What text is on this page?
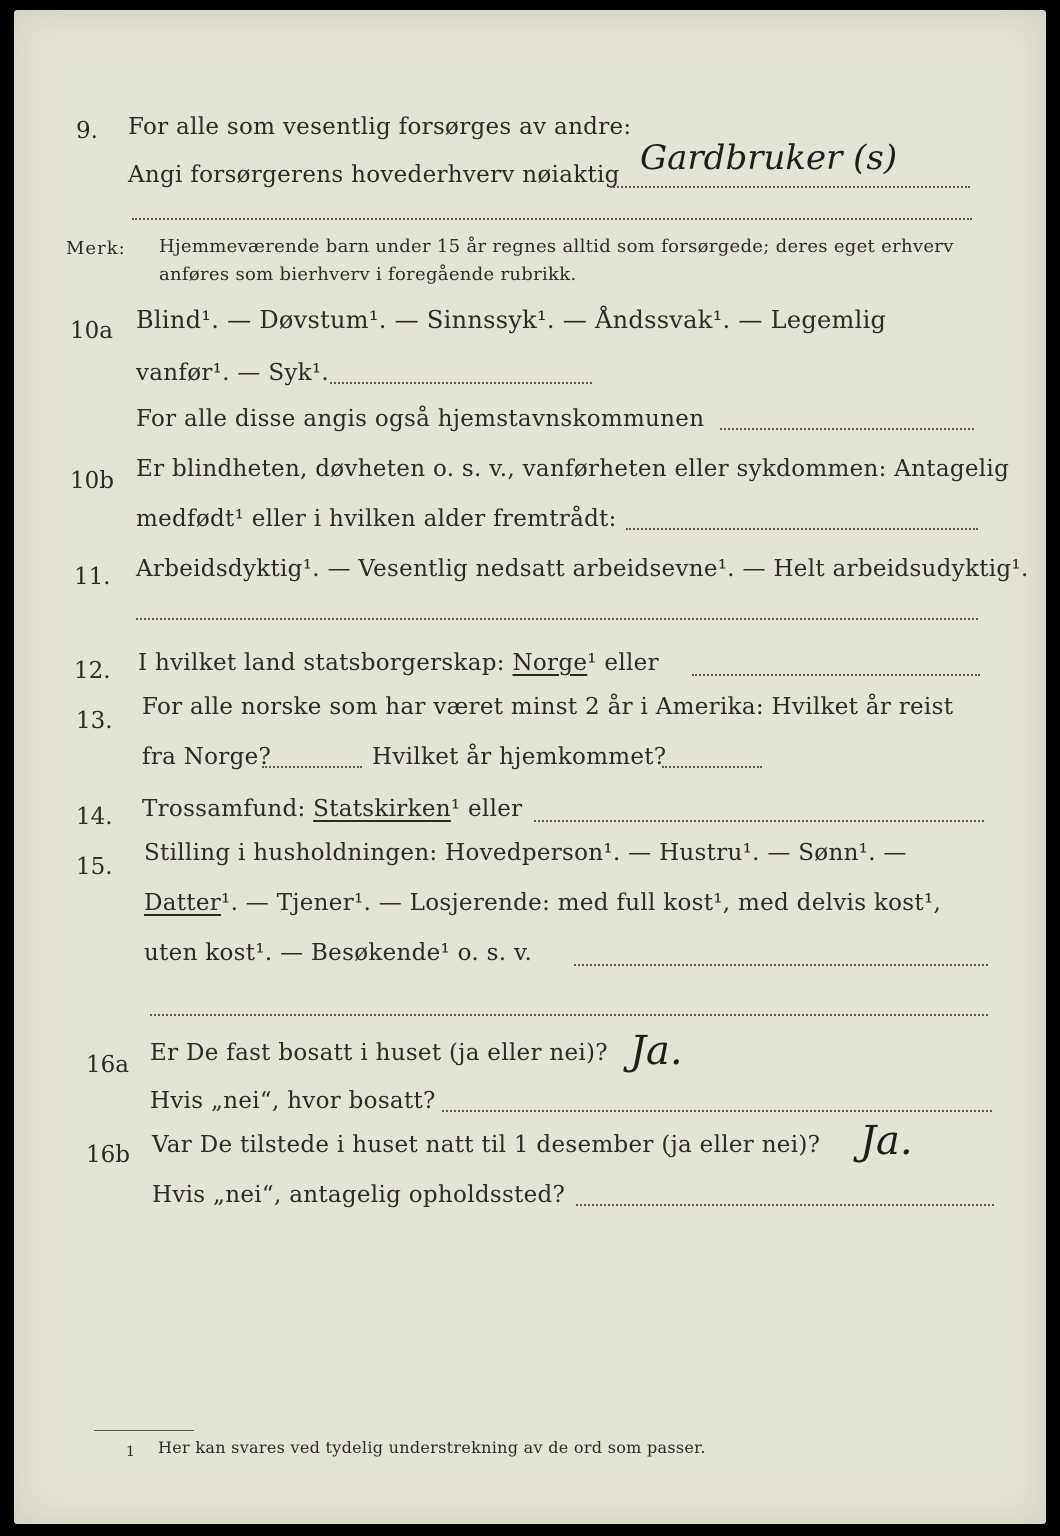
9. For alle som vesentlig forsørges av andre:
Angi forsørgerens hovederhverv nøiaktig Gardbruker (s)
Merk: Hjemmeværende barn under 15 år regnes alltid som forsørgede; deres eget erhverv
anføres som bierhverv i foregående rubrikk.
10a Blind¹. — Døvstum¹. — Sinnssyk¹. — Åndssvak¹. — Legemlig
vanfør¹. — Syk¹.
For alle disse angis også hjemstavnskommunen
10b Er blindheten, døvheten o. s. v., vanførheten eller sykdommen: Antagelig
medfødt¹ eller i hvilken alder fremtrådt:
11. Arbeidsdyktig¹. — Vesentlig nedsatt arbeidsevne¹. — Helt arbeidsudyktig¹.
12. I hvilket land statsborgerskap: Norge¹ eller
13.
For alle norske som har været minst 2 år i Amerika: Hvilket år reist
fra Norge?	Hvilket år hjemkommet?
14. Trossamfund: Statskirken¹ eller
15.
Stilling i husholdningen: Hovedperson¹. — Hustru¹. — Sønn¹. —
Datter¹. — Tjener¹. — Losjerende: med full kost¹, med delvis kost¹,
uten kost¹. — Besøkende¹ o. s. v.
16a Er De fast bosatt i huset (ja eller nei)? Ja.
Hvis „nei“, hvor bosatt?
16b Var De tilstede i huset natt til 1 desember (ja eller nei)? Ja.
Hvis „nei“, antagelig opholdssted?
1 Her kan svares ved tydelig understrekning av de ord som passer.
